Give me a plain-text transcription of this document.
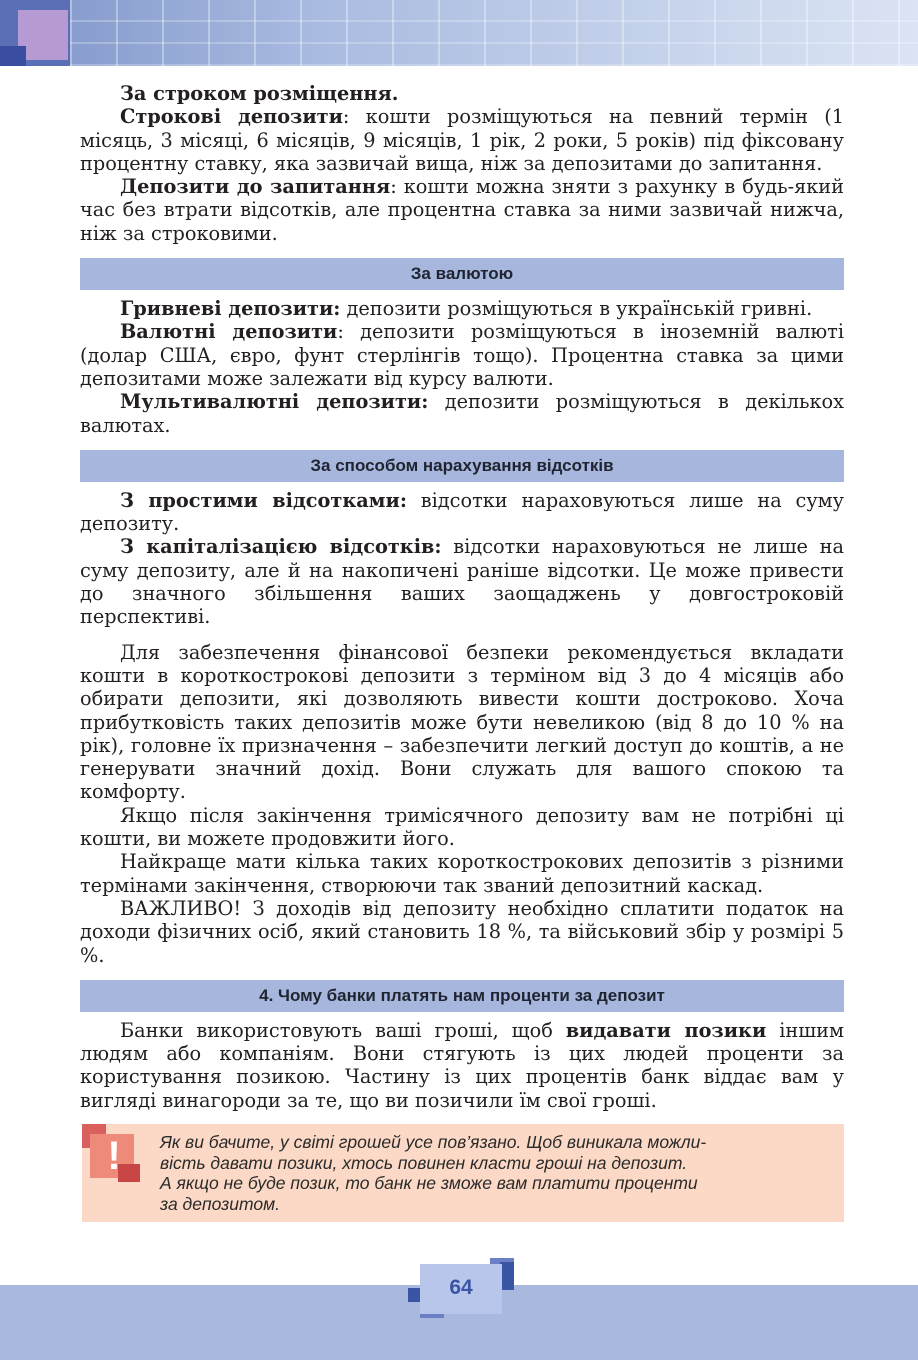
За строком розміщення.

Строкові депозити: кошти розміщуються на певний термін (1 місяць, 3 місяці, 6 місяців, 9 місяців, 1 рік, 2 роки, 5 років) під фіксовану процентну ставку, яка зазвичай вища, ніж за депозитами до запитання.

Депозити до запитання: кошти можна зняти з рахунку в будь-який час без втрати відсотків, але процентна ставка за ними зазвичай нижча, ніж за строковими.

За валютою

Гривневі депозити: депозити розміщуються в українській гривні.

Валютні депозити: депозити розміщуються в іноземній валюті (долар США, євро, фунт стерлінгів тощо). Процентна ставка за цими депозитами може залежати від курсу валюти.

Мультивалютні депозити: депозити розміщуються в декількох валютах.

За способом нарахування відсотків

З простими відсотками: відсотки нараховуються лише на суму депозиту.

З капіталізацією відсотків: відсотки нараховуються не лише на суму депозиту, але й на накопичені раніше відсотки. Це може привести до значного збільшення ваших заощаджень у довгостроковій перспективі.

Для забезпечення фінансової безпеки рекомендується вкладати кошти в короткострокові депозити з терміном від 3 до 4 місяців або обирати депозити, які дозволяють вивести кошти достроково. Хоча прибутковість таких депозитів може бути невеликою (від 8 до 10 % на рік), головне їх призначення – забезпечити легкий доступ до коштів, а не генерувати значний дохід. Вони служать для вашого спокою та комфорту.

Якщо після закінчення тримісячного депозиту вам не потрібні ці кошти, ви можете продовжити його.

Найкраще мати кілька таких короткострокових депозитів з різними термінами закінчення, створюючи так званий депозитний каскад.

ВАЖЛИВО! З доходів від депозиту необхідно сплатити податок на доходи фізичних осіб, який становить 18 %, та військовий збір у розмірі 5 %.

4. Чому банки платять нам проценти за депозит

Банки використовують ваші гроші, щоб видавати позики іншим людям або компаніям. Вони стягують із цих людей проценти за користування позикою. Частину із цих процентів банк віддає вам у вигляді винагороди за те, що ви позичили їм свої гроші.

!	Як ви бачите, у світі грошей усе пов’язано. Щоб виникала можли-
вість давати позики, хтось повинен класти гроші на депозит.
А якщо не буде позик, то банк не зможе вам платити проценти
за депозитом.
64
